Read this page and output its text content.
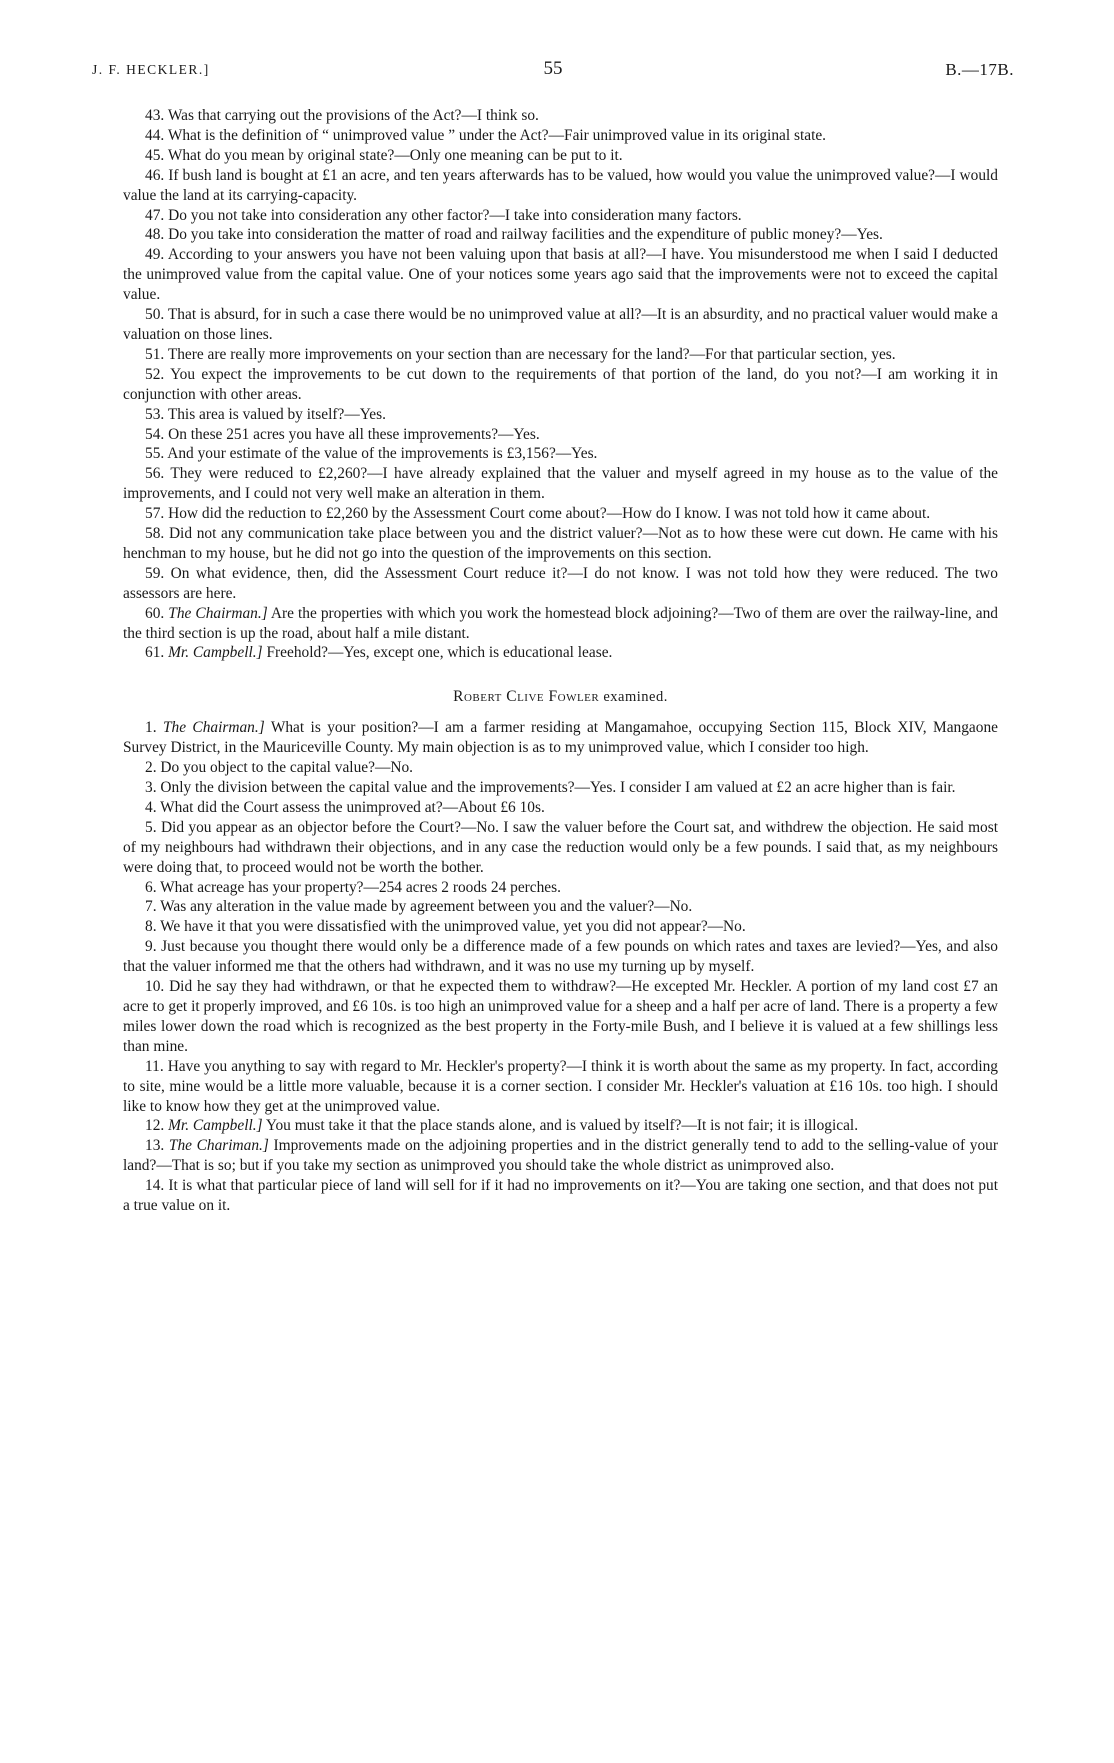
J. F. HECKLER.]	55	B.—17B.

43. Was that carrying out the provisions of the Act?—I think so.

44. What is the definition of “ unimproved value ” under the Act?—Fair unimproved value in its original state.

45. What do you mean by original state?—Only one meaning can be put to it.

46. If bush land is bought at £1 an acre, and ten years afterwards has to be valued, how would you value the unimproved value?—I would value the land at its carrying-capacity.

47. Do you not take into consideration any other factor?—I take into consideration many factors.

48. Do you take into consideration the matter of road and railway facilities and the expenditure of public money?—Yes.

49. According to your answers you have not been valuing upon that basis at all?—I have. You misunderstood me when I said I deducted the unimproved value from the capital value. One of your notices some years ago said that the improvements were not to exceed the capital value.

50. That is absurd, for in such a case there would be no unimproved value at all?—It is an absurdity, and no practical valuer would make a valuation on those lines.

51. There are really more improvements on your section than are necessary for the land?—For that particular section, yes.

52. You expect the improvements to be cut down to the requirements of that portion of the land, do you not?—I am working it in conjunction with other areas.

53. This area is valued by itself?—Yes.

54. On these 251 acres you have all these improvements?—Yes.

55. And your estimate of the value of the improvements is £3,156?—Yes.

56. They were reduced to £2,260?—I have already explained that the valuer and myself agreed in my house as to the value of the improvements, and I could not very well make an alteration in them.

57. How did the reduction to £2,260 by the Assessment Court come about?—How do I know. I was not told how it came about.

58. Did not any communication take place between you and the district valuer?—Not as to how these were cut down. He came with his henchman to my house, but he did not go into the question of the improvements on this section.

59. On what evidence, then, did the Assessment Court reduce it?—I do not know. I was not told how they were reduced. The two assessors are here.

60. The Chairman.] Are the properties with which you work the homestead block adjoining?—Two of them are over the railway-line, and the third section is up the road, about half a mile distant.

61. Mr. Campbell.] Freehold?—Yes, except one, which is educational lease.

Robert Clive Fowler examined.

1. The Chairman.] What is your position?—I am a farmer residing at Mangamahoe, occupying Section 115, Block XIV, Mangaone Survey District, in the Mauriceville County. My main objection is as to my unimproved value, which I consider too high.

2. Do you object to the capital value?—No.

3. Only the division between the capital value and the improvements?—Yes. I consider I am valued at £2 an acre higher than is fair.

4. What did the Court assess the unimproved at?—About £6 10s.

5. Did you appear as an objector before the Court?—No. I saw the valuer before the Court sat, and withdrew the objection. He said most of my neighbours had withdrawn their objections, and in any case the reduction would only be a few pounds. I said that, as my neighbours were doing that, to proceed would not be worth the bother.

6. What acreage has your property?—254 acres 2 roods 24 perches.

7. Was any alteration in the value made by agreement between you and the valuer?—No.

8. We have it that you were dissatisfied with the unimproved value, yet you did not appear?—No.

9. Just because you thought there would only be a difference made of a few pounds on which rates and taxes are levied?—Yes, and also that the valuer informed me that the others had withdrawn, and it was no use my turning up by myself.

10. Did he say they had withdrawn, or that he expected them to withdraw?—He excepted Mr. Heckler. A portion of my land cost £7 an acre to get it properly improved, and £6 10s. is too high an unimproved value for a sheep and a half per acre of land. There is a property a few miles lower down the road which is recognized as the best property in the Forty-mile Bush, and I believe it is valued at a few shillings less than mine.

11. Have you anything to say with regard to Mr. Heckler's property?—I think it is worth about the same as my property. In fact, according to site, mine would be a little more valuable, because it is a corner section. I consider Mr. Heckler's valuation at £16 10s. too high. I should like to know how they get at the unimproved value.

12. Mr. Campbell.] You must take it that the place stands alone, and is valued by itself?—It is not fair; it is illogical.

13. The Chariman.] Improvements made on the adjoining properties and in the district generally tend to add to the selling-value of your land?—That is so; but if you take my section as unimproved you should take the whole district as unimproved also.

14. It is what that particular piece of land will sell for if it had no improvements on it?—You are taking one section, and that does not put a true value on it.
